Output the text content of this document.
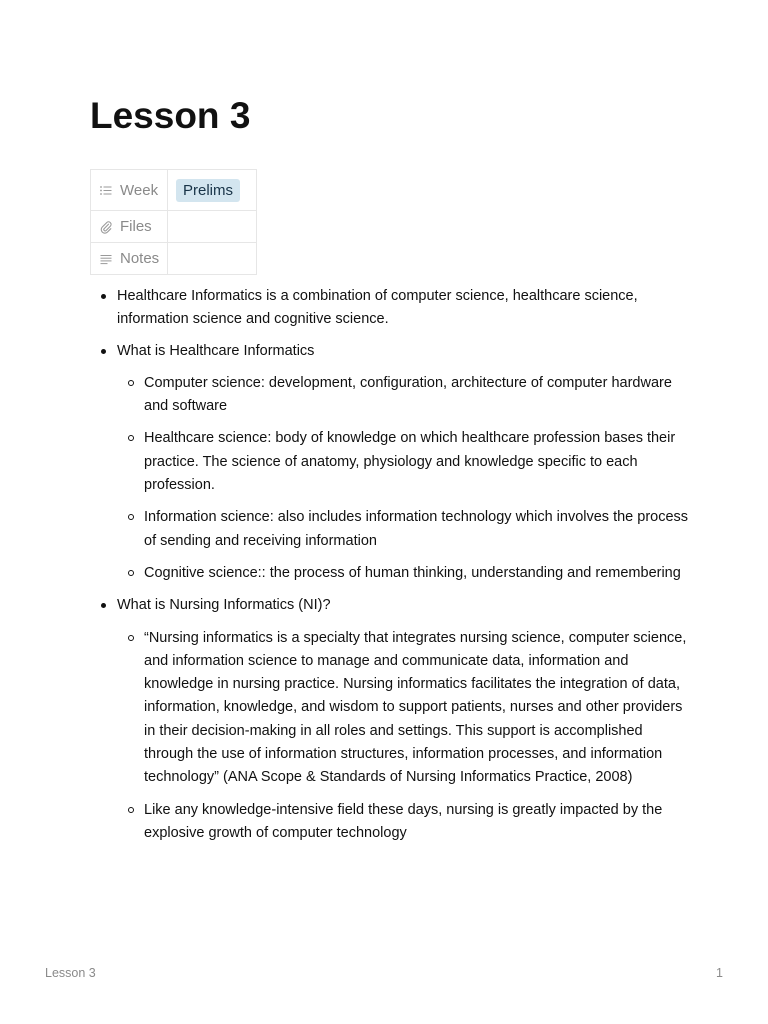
Lesson 3
Week	Prelims

Files	

Notes	

Healthcare Informatics is a combination of computer science, healthcare science, information science and cognitive science.
What is Healthcare Informatics
Computer science: development, configuration, architecture of computer hardware and software
Healthcare science: body of knowledge on which healthcare profession bases their practice. The science of anatomy, physiology and knowledge specific to each profession.
Information science: also includes information technology which involves the process of sending and receiving information
Cognitive science:: the process of human thinking, understanding and remembering
What is Nursing Informatics (NI)?
“Nursing informatics is a specialty that integrates nursing science, computer science, and information science to manage and communicate data, information and knowledge in nursing practice. Nursing informatics facilitates the integration of data, information, knowledge, and wisdom to support patients, nurses and other providers in their decision-making in all roles and settings. This support is accomplished through the use of information structures, information processes, and information technology” (ANA Scope & Standards of Nursing Informatics Practice, 2008)
Like any knowledge-intensive field these days, nursing is greatly impacted by the explosive growth of computer technology
Lesson 3	1
